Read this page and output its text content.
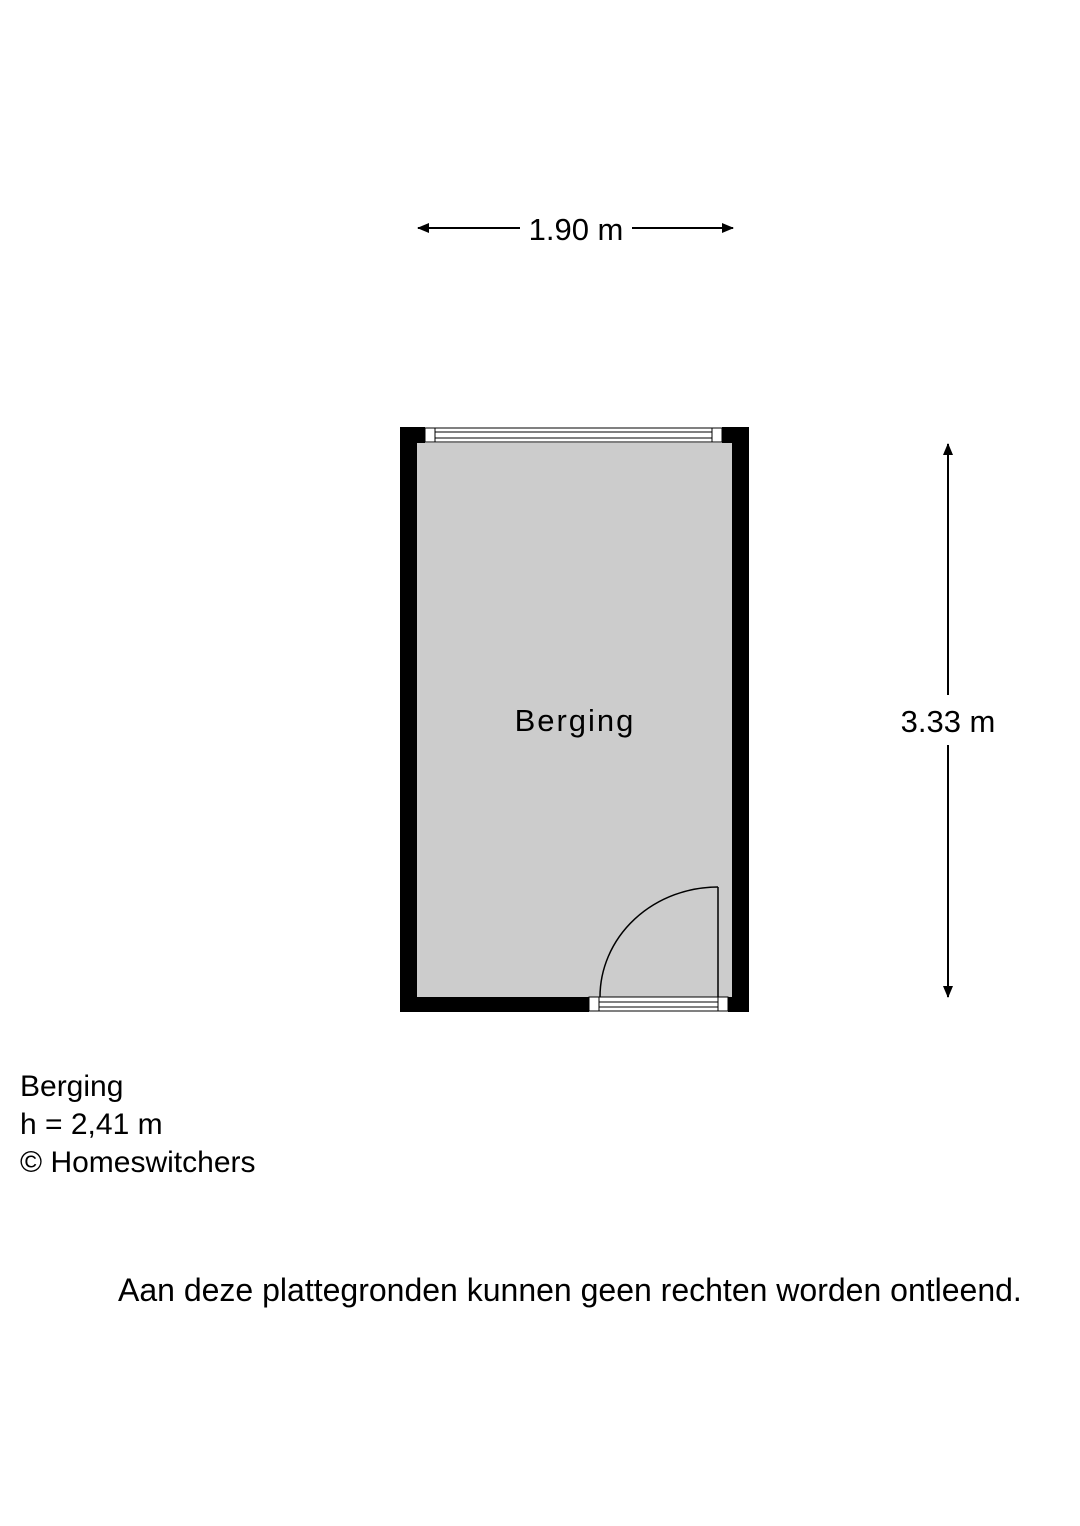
Berging
1.90 m
3.33 m
Berging
h = 2,41 m
© Homeswitchers
Aan deze plattegronden kunnen geen rechten worden ontleend.
